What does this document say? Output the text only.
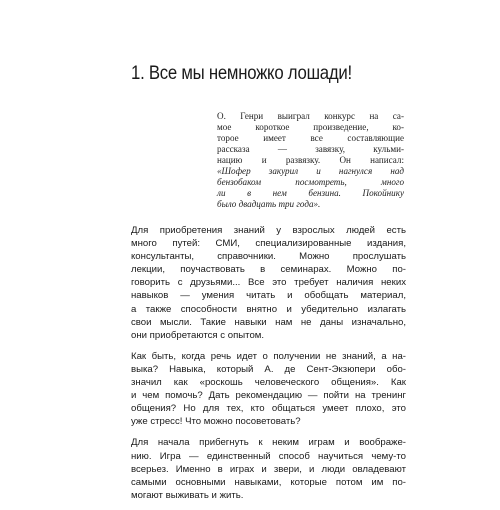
1. Все мы немножко лошади!
О. Генри выиграл конкурс на са-
мое короткое произведение, ко-
торое имеет все составляющие
рассказа — завязку, кульми-
нацию и развязку. Он написал:
«Шофер закурил и нагнулся над
бензобаком посмотреть, много
ли в нем бензина. Покойнику
было двадцать три года».

Для приобретения знаний у взрослых людей есть
много путей: СМИ, специализированные издания,
консультанты, справочники. Можно прослушать
лекции, поучаствовать в семинарах. Можно по-
говорить с друзьями... Все это требует наличия неких
навыков — умения читать и обобщать материал,
а также способности внятно и убедительно излагать
свои мысли. Такие навыки нам не даны изначально,
они приобретаются с опытом.

Как быть, когда речь идет о получении не знаний, а на-
выка? Навыка, который А. де Сент-Экзюпери обо-
значил как «роскошь человеческого общения». Как
и чем помочь? Дать рекомендацию — пойти на тренинг
общения? Но для тех, кто общаться умеет плохо, это
уже стресс! Что можно посоветовать?

Для начала прибегнуть к неким играм и воображе-
нию. Игра — единственный способ научиться чему-то
всерьез. Именно в играх и звери, и люди овладевают
самыми основными навыками, которые потом им по-
могают выживать и жить.
